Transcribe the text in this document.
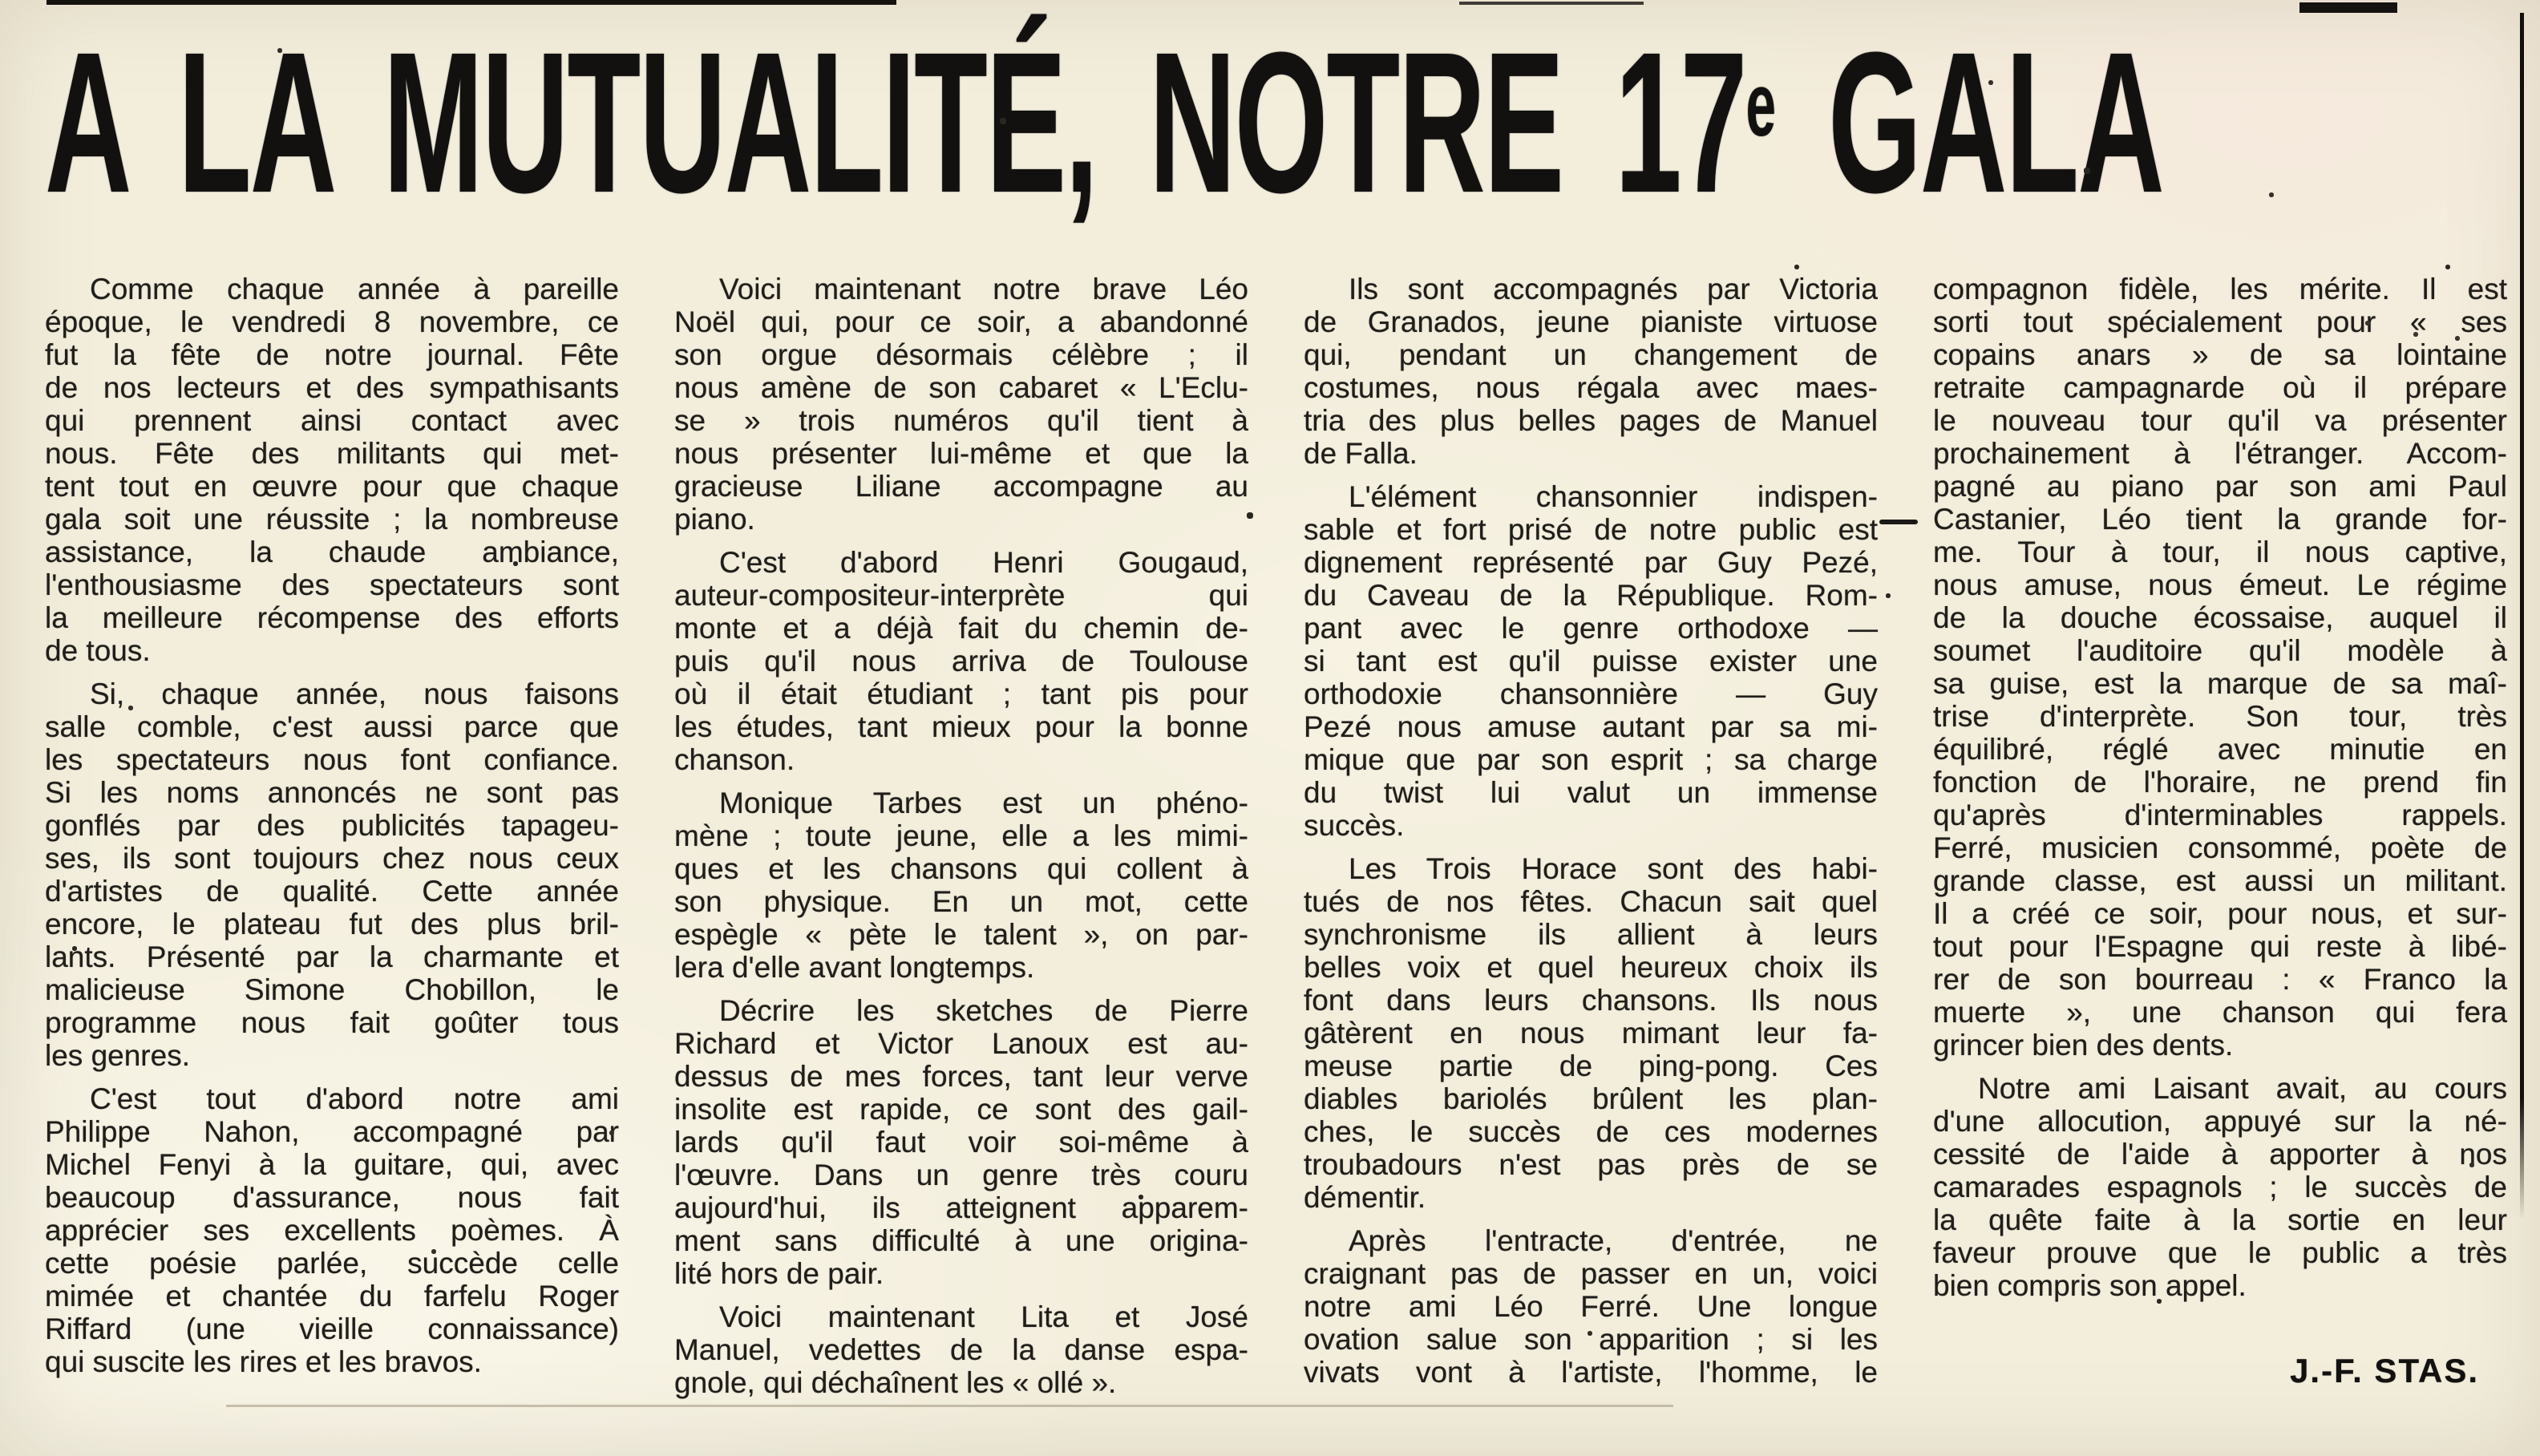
A LA MUTUALITÉ, NOTRE 17e GALA
Comme chaque année à pareille
époque, le vendredi 8 novembre, ce
fut la fête de notre journal. Fête
de nos lecteurs et des sympathisants
qui prennent ainsi contact avec
nous. Fête des militants qui met-
tent tout en œuvre pour que chaque
gala soit une réussite ; la nombreuse
assistance, la chaude ambiance,
l'enthousiasme des spectateurs sont
la meilleure récompense des efforts
de tous.
Si, chaque année, nous faisons
salle comble, c'est aussi parce que
les spectateurs nous font confiance.
Si les noms annoncés ne sont pas
gonflés par des publicités tapageu-
ses, ils sont toujours chez nous ceux
d'artistes de qualité. Cette année
encore, le plateau fut des plus bril-
lants. Présenté par la charmante et
malicieuse Simone Chobillon, le
programme nous fait goûter tous
les genres.
C'est tout d'abord notre ami
Philippe Nahon, accompagné par
Michel Fenyi à la guitare, qui, avec
beaucoup d'assurance, nous fait
apprécier ses excellents poèmes. À
cette poésie parlée, succède celle
mimée et chantée du farfelu Roger
Riffard (une vieille connaissance)
qui suscite les rires et les bravos.
Voici maintenant notre brave Léo
Noël qui, pour ce soir, a abandonné
son orgue désormais célèbre ; il
nous amène de son cabaret « L'Eclu-
se » trois numéros qu'il tient à
nous présenter lui-même et que la
gracieuse Liliane accompagne au
piano.
C'est d'abord Henri Gougaud,
auteur-compositeur-interprète qui
monte et a déjà fait du chemin de-
puis qu'il nous arriva de Toulouse
où il était étudiant ; tant pis pour
les études, tant mieux pour la bonne
chanson.
Monique Tarbes est un phéno-
mène ; toute jeune, elle a les mimi-
ques et les chansons qui collent à
son physique. En un mot, cette
espègle « pète le talent », on par-
lera d'elle avant longtemps.
Décrire les sketches de Pierre
Richard et Victor Lanoux est au-
dessus de mes forces, tant leur verve
insolite est rapide, ce sont des gail-
lards qu'il faut voir soi-même à
l'œuvre. Dans un genre très couru
aujourd'hui, ils atteignent apparem-
ment sans difficulté à une origina-
lité hors de pair.
Voici maintenant Lita et José
Manuel, vedettes de la danse espa-
gnole, qui déchaînent les « ollé ».
Ils sont accompagnés par Victoria
de Granados, jeune pianiste virtuose
qui, pendant un changement de
costumes, nous régala avec maes-
tria des plus belles pages de Manuel
de Falla.
L'élément chansonnier indispen-
sable et fort prisé de notre public est
dignement représenté par Guy Pezé,
du Caveau de la République. Rom-
pant avec le genre orthodoxe —
si tant est qu'il puisse exister une
orthodoxie chansonnière — Guy
Pezé nous amuse autant par sa mi-
mique que par son esprit ; sa charge
du twist lui valut un immense
succès.
Les Trois Horace sont des habi-
tués de nos fêtes. Chacun sait quel
synchronisme ils allient à leurs
belles voix et quel heureux choix ils
font dans leurs chansons. Ils nous
gâtèrent en nous mimant leur fa-
meuse partie de ping-pong. Ces
diables bariolés brûlent les plan-
ches, le succès de ces modernes
troubadours n'est pas près de se
démentir.
Après l'entracte, d'entrée, ne
craignant pas de passer en un, voici
notre ami Léo Ferré. Une longue
ovation salue son apparition ; si les
vivats vont à l'artiste, l'homme, le
compagnon fidèle, les mérite. Il est
sorti tout spécialement pour « ses
copains anars » de sa lointaine
retraite campagnarde où il prépare
le nouveau tour qu'il va présenter
prochainement à l'étranger. Accom-
pagné au piano par son ami Paul
Castanier, Léo tient la grande for-
me. Tour à tour, il nous captive,
nous amuse, nous émeut. Le régime
de la douche écossaise, auquel il
soumet l'auditoire qu'il modèle à
sa guise, est la marque de sa maî-
trise d'interprète. Son tour, très
équilibré, réglé avec minutie en
fonction de l'horaire, ne prend fin
qu'après d'interminables rappels.
Ferré, musicien consommé, poète de
grande classe, est aussi un militant.
Il a créé ce soir, pour nous, et sur-
tout pour l'Espagne qui reste à libé-
rer de son bourreau : « Franco la
muerte », une chanson qui fera
grincer bien des dents.
Notre ami Laisant avait, au cours
d'une allocution, appuyé sur la né-
cessité de l'aide à apporter à nos
camarades espagnols ; le succès de
la quête faite à la sortie en leur
faveur prouve que le public a très
bien compris son appel.
J.-F. STAS.
